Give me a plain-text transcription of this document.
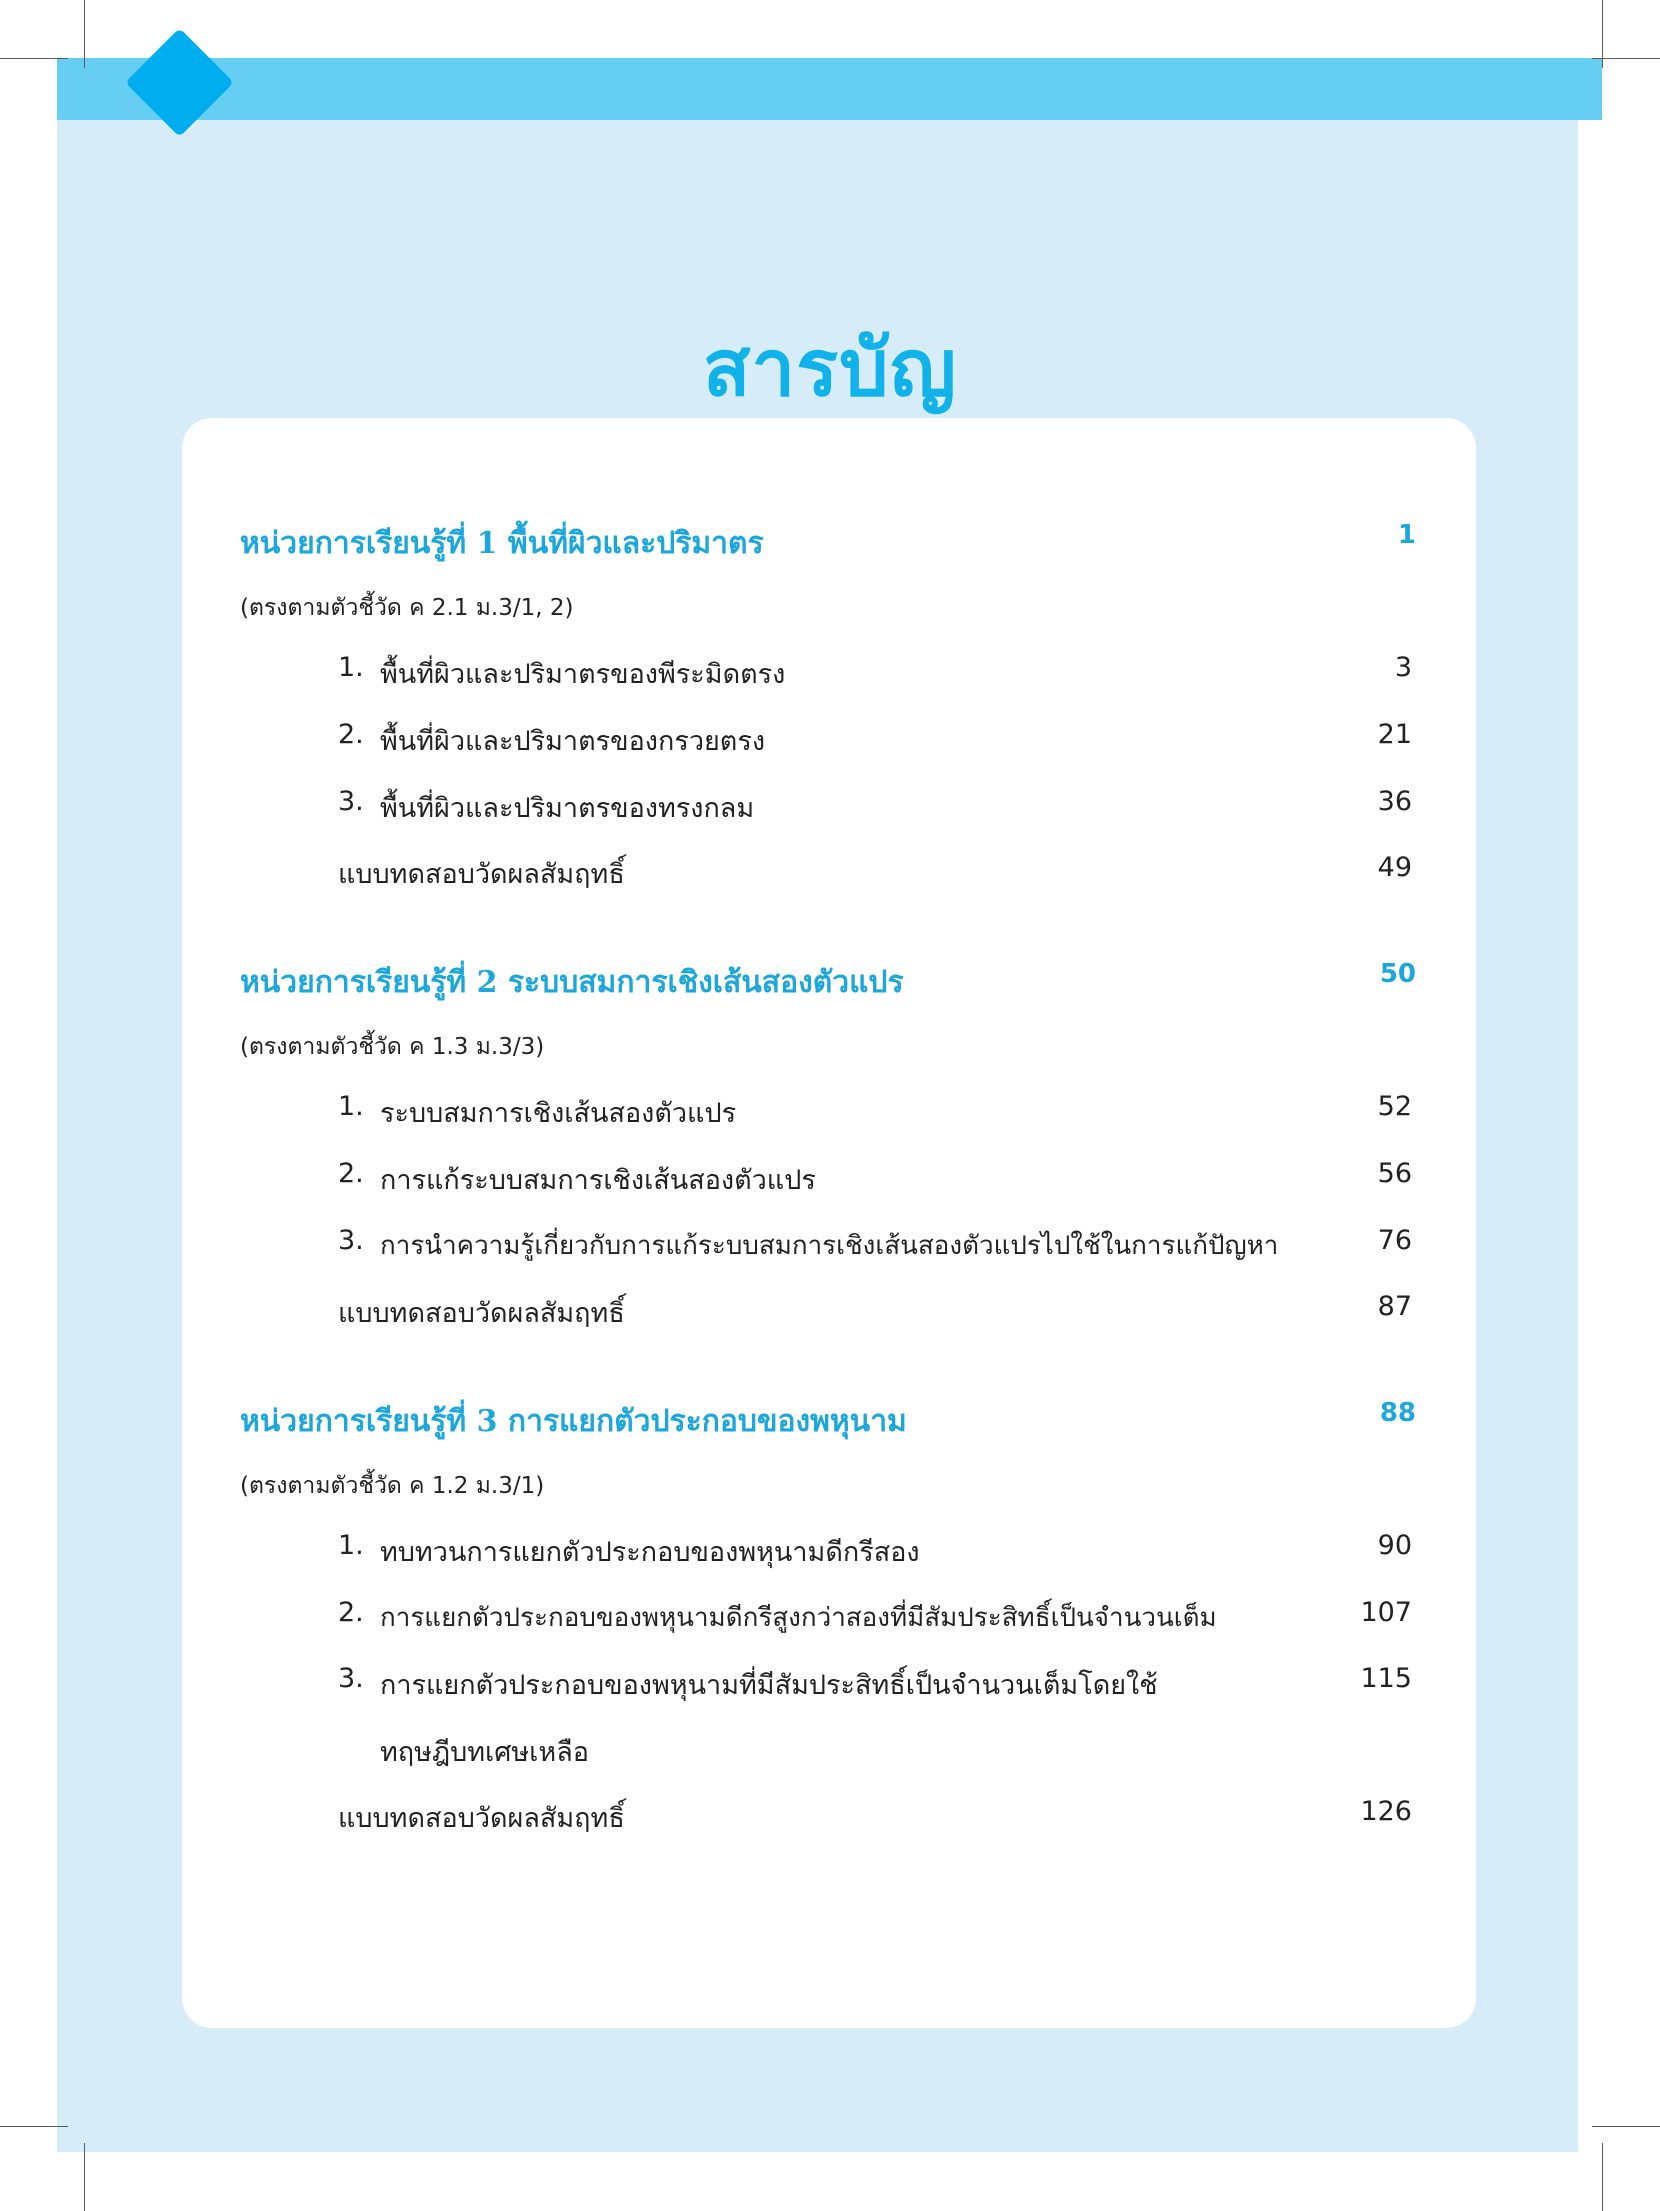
สารบัญ
หน่วยการเรียนรู้ที่ 1 พื้นที่ผิวและปริมาตร	1
(ตรงตามตัวชี้วัด ค 2.1 ม.3/1, 2)
1. พื้นที่ผิวและปริมาตรของพีระมิดตรง	3
2. พื้นที่ผิวและปริมาตรของกรวยตรง	21
3. พื้นที่ผิวและปริมาตรของทรงกลม	36
แบบทดสอบวัดผลสัมฤทธิ์	49
หน่วยการเรียนรู้ที่ 2 ระบบสมการเชิงเส้นสองตัวแปร	50
(ตรงตามตัวชี้วัด ค 1.3 ม.3/3)
1. ระบบสมการเชิงเส้นสองตัวแปร	52
2. การแก้ระบบสมการเชิงเส้นสองตัวแปร	56
3. การนำความรู้เกี่ยวกับการแก้ระบบสมการเชิงเส้นสองตัวแปรไปใช้ในการแก้ปัญหา	76
แบบทดสอบวัดผลสัมฤทธิ์	87
หน่วยการเรียนรู้ที่ 3 การแยกตัวประกอบของพหุนาม	88
(ตรงตามตัวชี้วัด ค 1.2 ม.3/1)
1. ทบทวนการแยกตัวประกอบของพหุนามดีกรีสอง	90
2. การแยกตัวประกอบของพหุนามดีกรีสูงกว่าสองที่มีสัมประสิทธิ์เป็นจำนวนเต็ม	107
3. การแยกตัวประกอบของพหุนามที่มีสัมประสิทธิ์เป็นจำนวนเต็มโดยใช้	115
ทฤษฎีบทเศษเหลือ
แบบทดสอบวัดผลสัมฤทธิ์	126
